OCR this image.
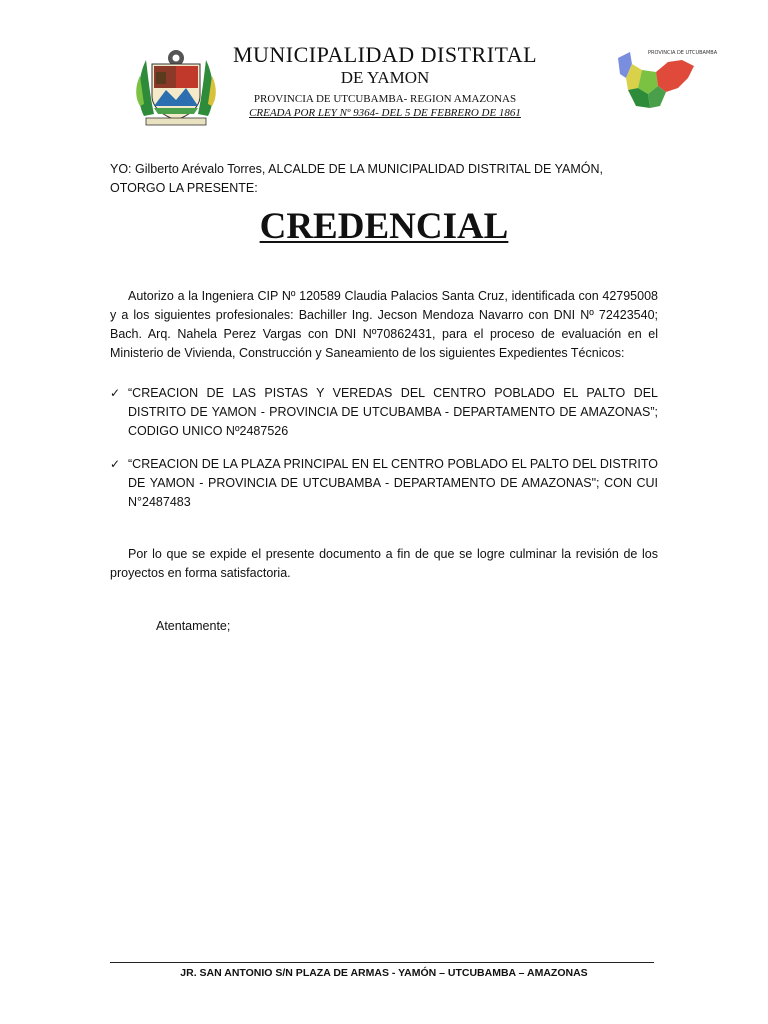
MUNICIPALIDAD DISTRITAL
DE YAMON
PROVINCIA DE UTCUBAMBA- REGION AMAZONAS
CREADA POR LEY Nº 9364- DEL 5 DE FEBRERO DE 1861
PROVINCIA DE UTCUBAMBA
YO: Gilberto Arévalo Torres, ALCALDE DE LA MUNICIPALIDAD DISTRITAL DE YAMÓN, OTORGO LA PRESENTE:
CREDENCIAL
Autorizo a la Ingeniera CIP Nº 120589 Claudia Palacios Santa Cruz, identificada con 42795008 y a los siguientes profesionales: Bachiller Ing. Jecson Mendoza Navarro con DNI Nº 72423540; Bach. Arq. Nahela Perez Vargas con DNI Nº70862431, para el proceso de evaluación en el Ministerio de Vivienda, Construcción y Saneamiento de los siguientes Expedientes Técnicos:
✓ “CREACION DE LAS PISTAS Y VEREDAS DEL CENTRO POBLADO EL PALTO DEL DISTRITO DE YAMON - PROVINCIA DE UTCUBAMBA - DEPARTAMENTO DE AMAZONAS”; CODIGO UNICO Nº2487526
✓ “CREACION DE LA PLAZA PRINCIPAL EN EL CENTRO POBLADO EL PALTO DEL DISTRITO DE YAMON - PROVINCIA DE UTCUBAMBA - DEPARTAMENTO DE AMAZONAS"; CON CUI N°2487483
Por lo que se expide el presente documento a fin de que se logre culminar la revisión de los proyectos en forma satisfactoria.
Atentamente;
JR. SAN ANTONIO S/N PLAZA DE ARMAS - YAMÓN – UTCUBAMBA – AMAZONAS
